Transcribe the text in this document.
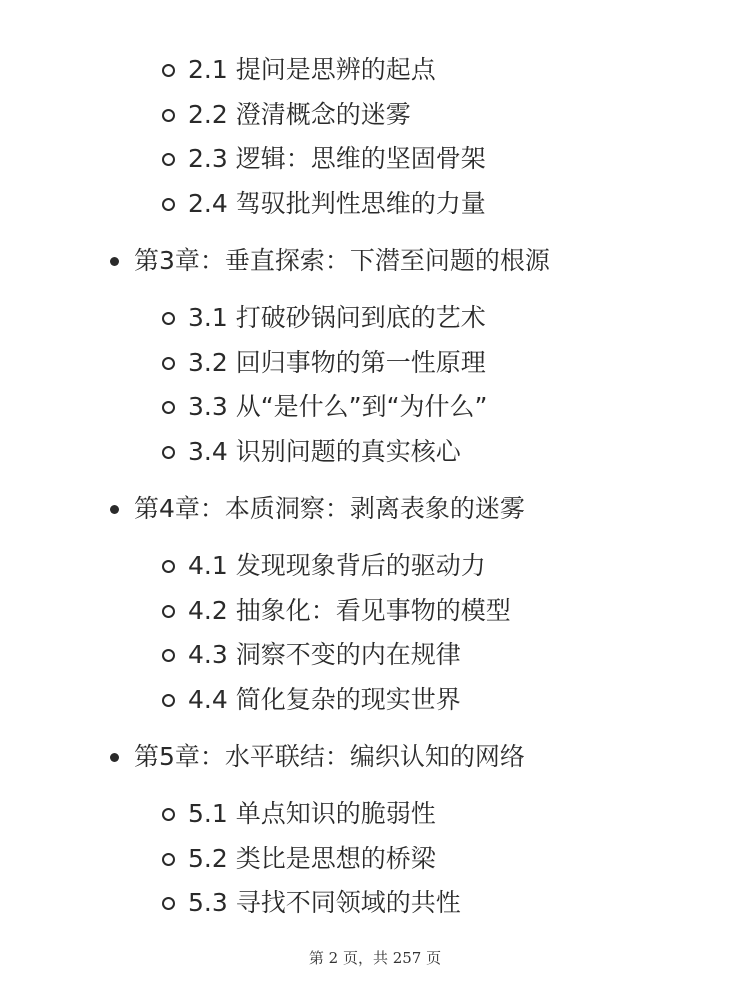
2.1 提问是思辨的起点
2.2 澄清概念的迷雾
2.3 逻辑：思维的坚固骨架
2.4 驾驭批判性思维的力量
第3章：垂直探索：下潜至问题的根源
3.1 打破砂锅问到底的艺术
3.2 回归事物的第一性原理
3.3 从“是什么”到“为什么”
3.4 识别问题的真实核心
第4章：本质洞察：剥离表象的迷雾
4.1 发现现象背后的驱动力
4.2 抽象化：看见事物的模型
4.3 洞察不变的内在规律
4.4 简化复杂的现实世界
第5章：水平联结：编织认知的网络
5.1 单点知识的脆弱性
5.2 类比是思想的桥梁
5.3 寻找不同领域的共性
第 2 页，共 257 页
